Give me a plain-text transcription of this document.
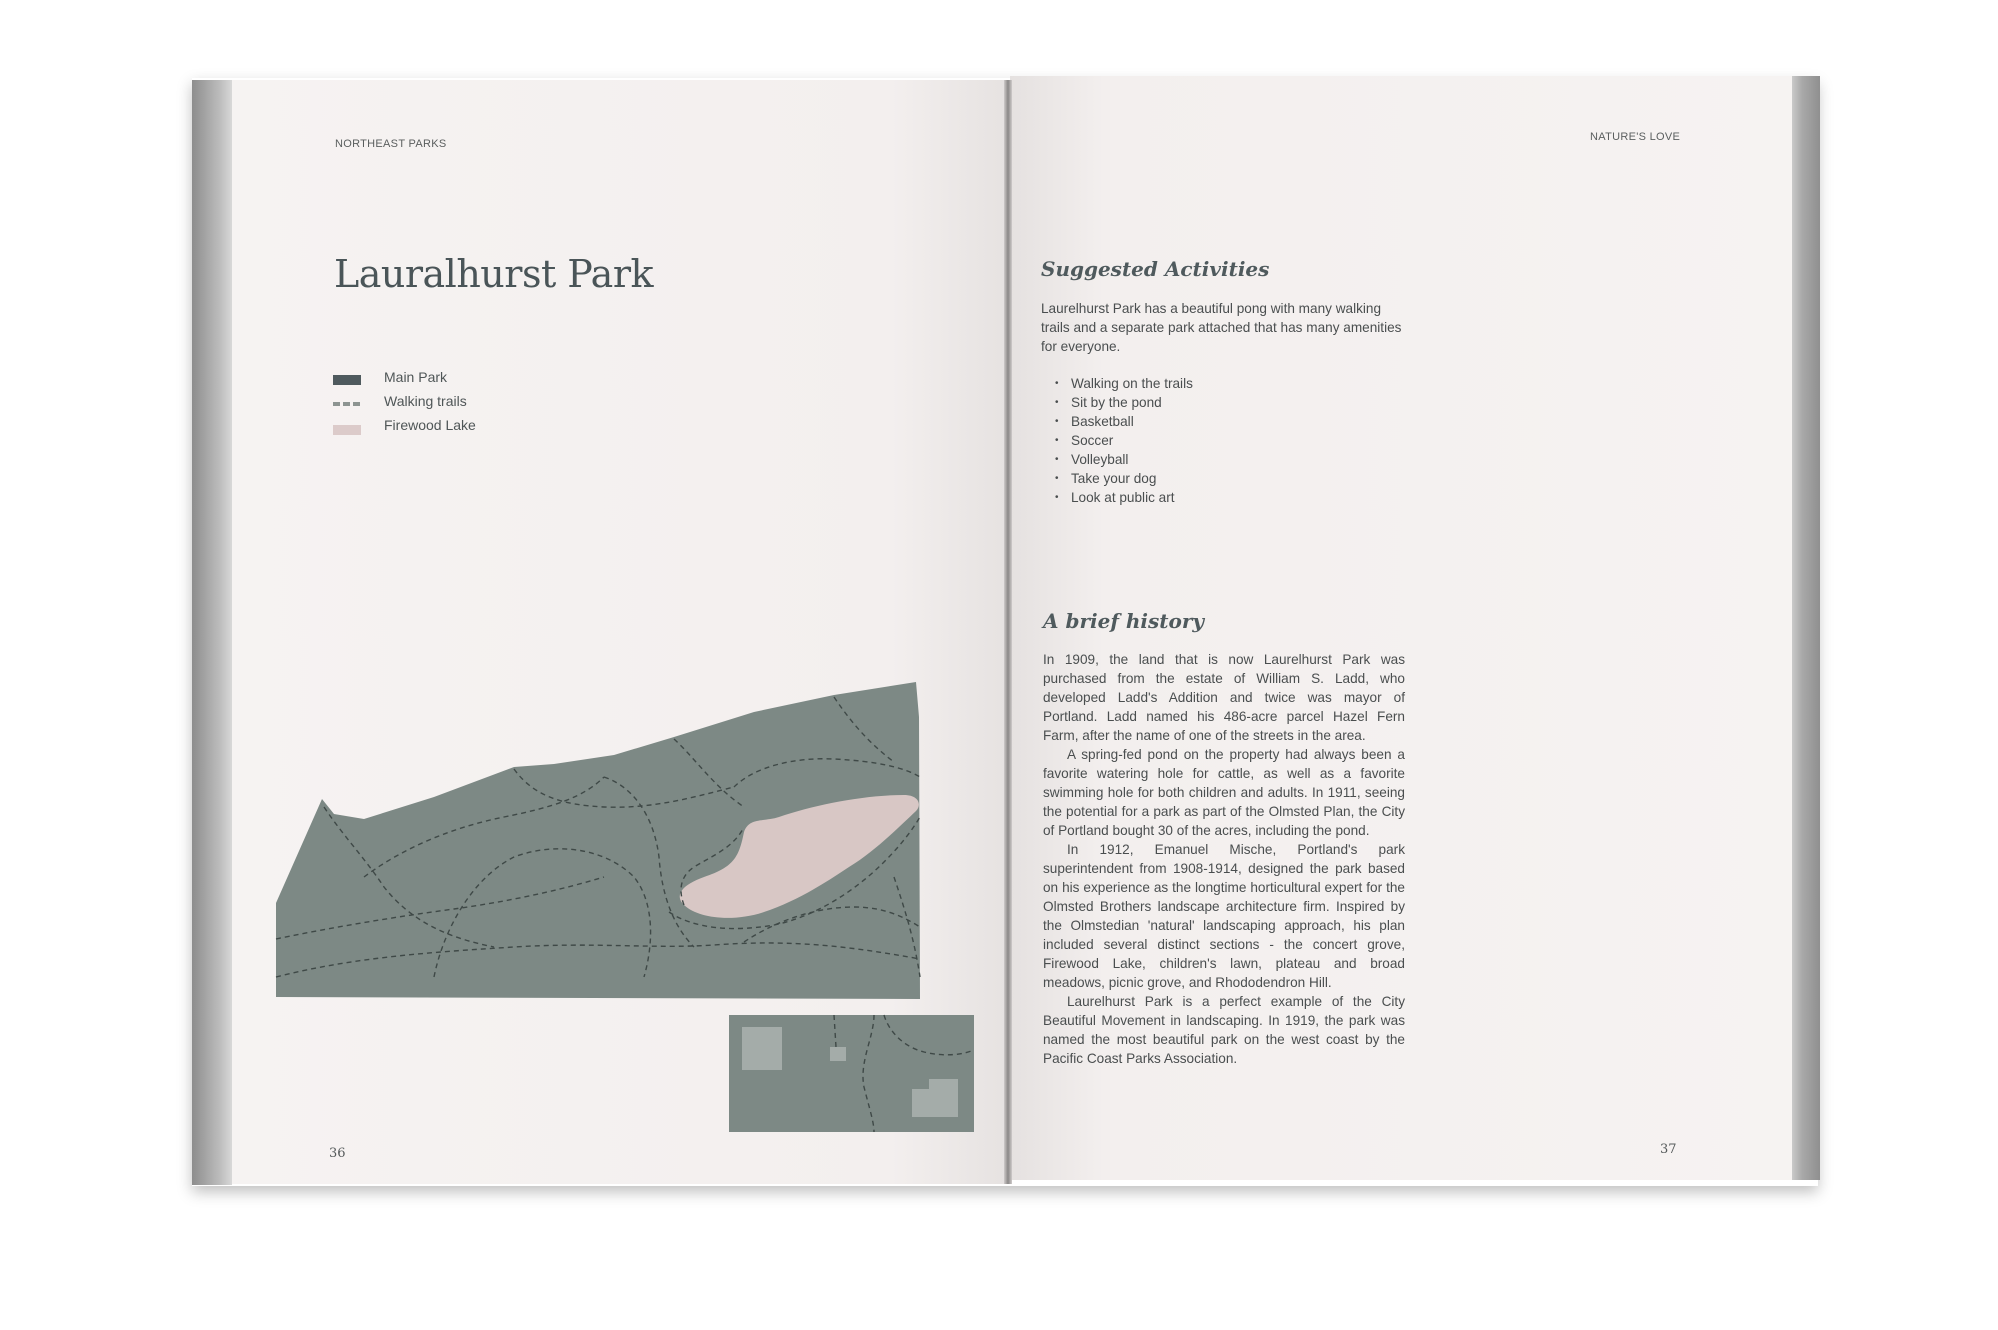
NORTHEAST PARKS
Lauralhurst Park
Main Park
Walking trails
Firewood Lake
36
NATURE'S LOVE
Suggested Activities

Laurelhurst Park has a beautiful pong with many walking trails and a separate park attached that has many amenities for everyone.

• Walking on the trails
• Sit by the pond
• Basketball
• Soccer
• Volleyball
• Take your dog
• Look at public art
A brief history

In 1909, the land that is now Laurelhurst Park was purchased from the estate of William S. Ladd, who developed Ladd's Addition and twice was mayor of Portland. Ladd named his 486-acre parcel Hazel Fern Farm, after the name of one of the streets in the area.

A spring-fed pond on the property had always been a favorite watering hole for cattle, as well as a favorite swimming hole for both children and adults. In 1911, seeing the potential for a park as part of the Olmsted Plan, the City of Portland bought 30 of the acres, including the pond.

In 1912, Emanuel Mische, Portland's park superintendent from 1908-1914, designed the park based on his experience as the longtime horticultural expert for the Olmsted Brothers landscape architecture firm. Inspired by the Olmstedian 'natural' landscaping approach, his plan included several distinct sections - the concert grove, Firewood Lake, children's lawn, plateau and broad meadows, picnic grove, and Rhododendron Hill.

Laurelhurst Park is a perfect example of the City Beautiful Movement in landscaping. In 1919, the park was named the most beautiful park on the west coast by the Pacific Coast Parks Association.

37
